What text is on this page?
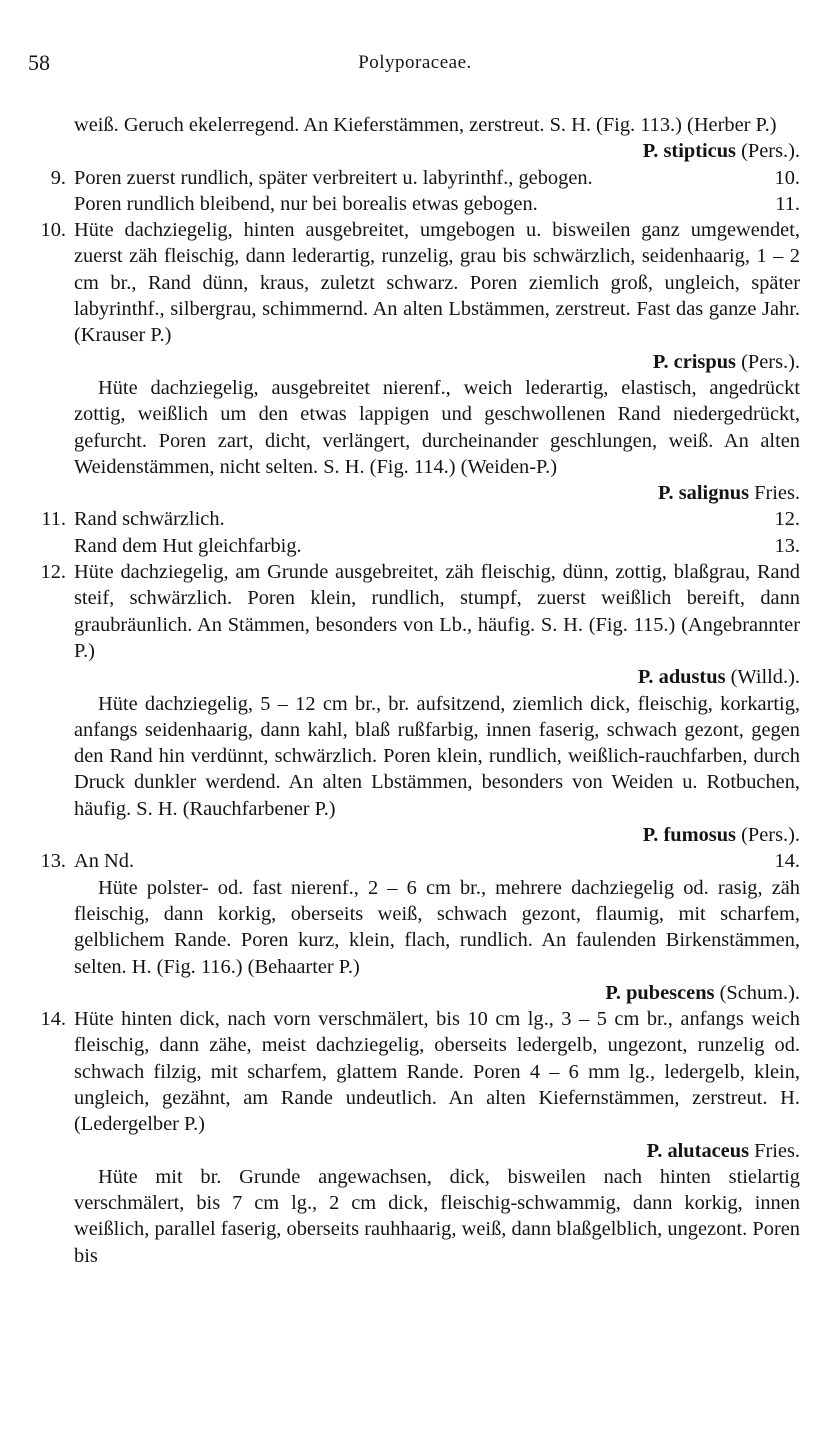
58	Polyporaceae.
weiß. Geruch ekelerregend. An Kieferstämmen, zerstreut. S. H. (Fig. 113.) (Herber P.)
P. stipticus (Pers.).
9. Poren zuerst rundlich, später verbreitert u. labyrinthf., gebogen.	10.
Poren rundlich bleibend, nur bei borealis etwas gebogen.	11.
10. Hüte dachziegelig, hinten ausgebreitet, umgebogen u. bisweilen ganz umgewendet, zuerst zäh fleischig, dann lederartig, runzelig, grau bis schwärzlich, seidenhaarig, 1 – 2 cm br., Rand dünn, kraus, zuletzt schwarz. Poren ziemlich groß, ungleich, später labyrinthf., silbergrau, schimmernd. An alten Lbstämmen, zerstreut. Fast das ganze Jahr. (Krauser P.)
P. crispus (Pers.).
Hüte dachziegelig, ausgebreitet nierenf., weich lederartig, elastisch, angedrückt zottig, weißlich um den etwas lappigen und geschwollenen Rand niedergedrückt, gefurcht. Poren zart, dicht, verlängert, durcheinander geschlungen, weiß. An alten Weidenstämmen, nicht selten. S. H. (Fig. 114.) (Weiden-P.)
P. salignus Fries.
11. Rand schwärzlich.	12.
Rand dem Hut gleichfarbig.	13.
12. Hüte dachziegelig, am Grunde ausgebreitet, zäh fleischig, dünn, zottig, blaßgrau, Rand steif, schwärzlich. Poren klein, rundlich, stumpf, zuerst weißlich bereift, dann graubräunlich. An Stämmen, besonders von Lb., häufig. S. H. (Fig. 115.) (Angebrannter P.)
P. adustus (Willd.).
Hüte dachziegelig, 5 – 12 cm br., br. aufsitzend, ziemlich dick, fleischig, korkartig, anfangs seidenhaarig, dann kahl, blaß rußfarbig, innen faserig, schwach gezont, gegen den Rand hin verdünnt, schwärzlich. Poren klein, rundlich, weißlich-rauchfarben, durch Druck dunkler werdend. An alten Lbstämmen, besonders von Weiden u. Rotbuchen, häufig. S. H. (Rauchfarbener P.)
P. fumosus (Pers.).
13. An Nd.	14.
Hüte polster- od. fast nierenf., 2 – 6 cm br., mehrere dachziegelig od. rasig, zäh fleischig, dann korkig, oberseits weiß, schwach gezont, flaumig, mit scharfem, gelblichem Rande. Poren kurz, klein, flach, rundlich. An faulenden Birkenstämmen, selten. H. (Fig. 116.) (Behaarter P.)
P. pubescens (Schum.).
14. Hüte hinten dick, nach vorn verschmälert, bis 10 cm lg., 3 – 5 cm br., anfangs weich fleischig, dann zähe, meist dachziegelig, oberseits ledergelb, ungezont, runzelig od. schwach filzig, mit scharfem, glattem Rande. Poren 4 – 6 mm lg., ledergelb, klein, ungleich, gezähnt, am Rande undeutlich. An alten Kiefernstämmen, zerstreut. H. (Ledergelber P.)
P. alutaceus Fries.
Hüte mit br. Grunde angewachsen, dick, bisweilen nach hinten stielartig verschmälert, bis 7 cm lg., 2 cm dick, fleischig-schwammig, dann korkig, innen weißlich, parallel faserig, oberseits rauhhaarig, weiß, dann blaßgelblich, ungezont. Poren bis
